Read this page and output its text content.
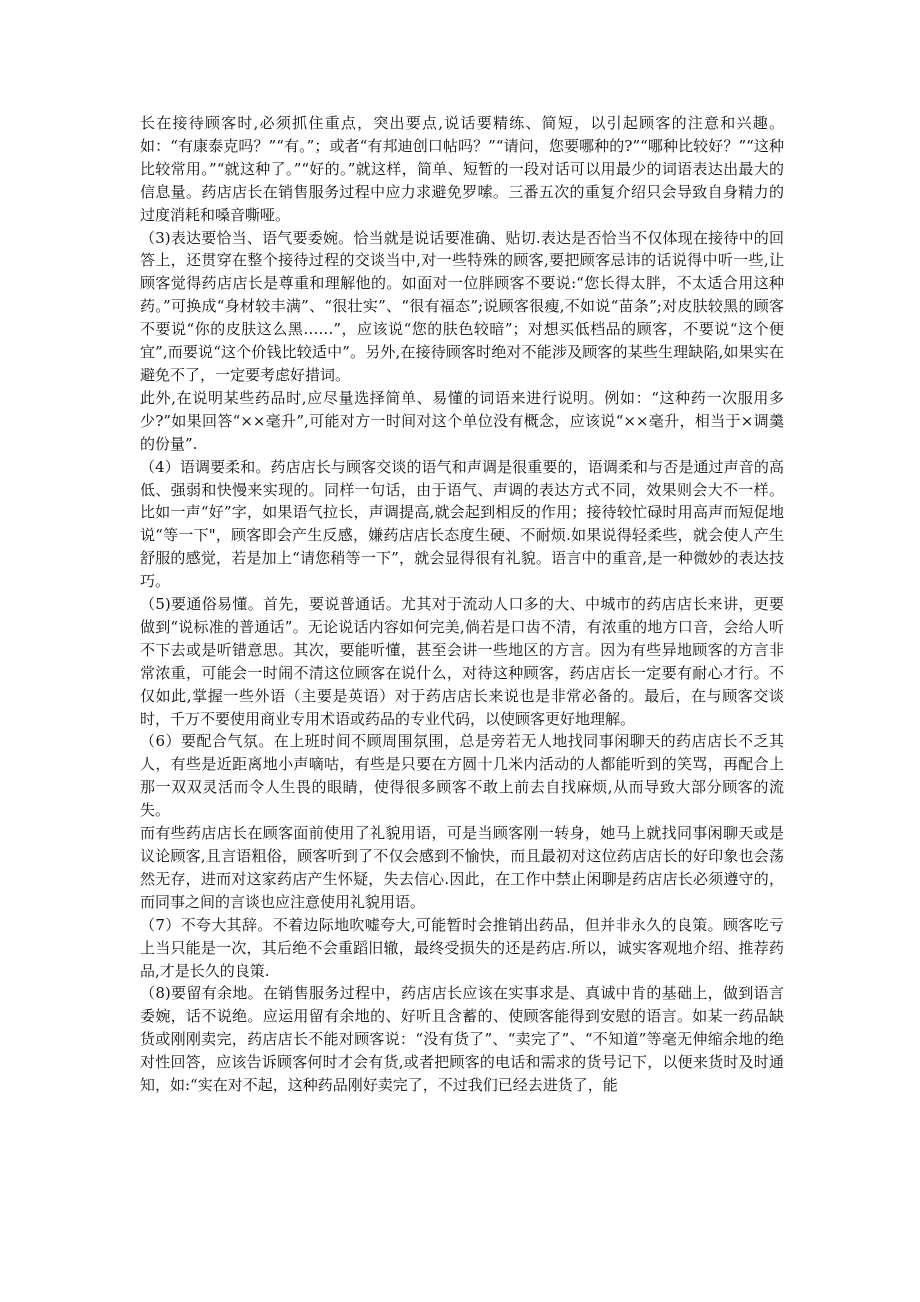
长在接待顾客时,必须抓住重点，突出要点,说话要精练、简短，以引起顾客的注意和兴趣。如：“有康泰克吗？”“有。”；或者“有邦迪创口帖吗？”“请问，您要哪种的?”“哪种比较好？”“这种比较常用。”“就这种了。”“好的。”就这样，简单、短暂的一段对话可以用最少的词语表达出最大的信息量。药店店长在销售服务过程中应力求避免罗嗦。三番五次的重复介绍只会导致自身精力的过度消耗和嗓音嘶哑。

（3)表达要恰当、语气要委婉。恰当就是说话要准确、贴切.表达是否恰当不仅体现在接待中的回答上，还贯穿在整个接待过程的交谈当中,对一些特殊的顾客,要把顾客忌讳的话说得中听一些,让顾客觉得药店店长是尊重和理解他的。如面对一位胖顾客不要说:“您长得太胖，不太适合用这种药。”可换成“身材较丰满”、“很壮实”、“很有福态”;说顾客很瘦,不如说“苗条”;对皮肤较黑的顾客不要说“你的皮肤这么黑……”，应该说“您的肤色较暗”；对想买低档品的顾客，不要说“这个便宜”,而要说“这个价钱比较适中”。另外,在接待顾客时绝对不能涉及顾客的某些生理缺陷,如果实在避免不了，一定要考虑好措词。

此外,在说明某些药品时,应尽量选择简单、易懂的词语来进行说明。例如：“这种药一次服用多少?”如果回答“××毫升”,可能对方一时间对这个单位没有概念，应该说“××毫升，相当于×调羹的份量”.

（4）语调要柔和。药店店长与顾客交谈的语气和声调是很重要的，语调柔和与否是通过声音的高低、强弱和快慢来实现的。同样一句话，由于语气、声调的表达方式不同，效果则会大不一样。比如一声“好”字，如果语气拉长，声调提高,就会起到相反的作用；接待较忙碌时用高声而短促地说“等一下"，顾客即会产生反感，嫌药店店长态度生硬、不耐烦.如果说得轻柔些，就会使人产生舒服的感觉，若是加上“请您稍等一下”，就会显得很有礼貌。语言中的重音,是一种微妙的表达技巧。

（5)要通俗易懂。首先，要说普通话。尤其对于流动人口多的大、中城市的药店店长来讲，更要做到“说标准的普通话”。无论说话内容如何完美,倘若是口齿不清，有浓重的地方口音，会给人听不下去或是听错意思。其次，要能听懂，甚至会讲一些地区的方言。因为有些异地顾客的方言非常浓重，可能会一时闹不清这位顾客在说什么，对待这种顾客，药店店长一定要有耐心才行。不仅如此,掌握一些外语（主要是英语）对于药店店长来说也是非常必备的。最后，在与顾客交谈时，千万不要使用商业专用术语或药品的专业代码，以使顾客更好地理解。

（6）要配合气氛。在上班时间不顾周围氛围，总是旁若无人地找同事闲聊天的药店店长不乏其人，有些是近距离地小声嘀咕，有些是只要在方圆十几米内活动的人都能听到的笑骂，再配合上那一双双灵活而令人生畏的眼睛，使得很多顾客不敢上前去自找麻烦,从而导致大部分顾客的流失。

而有些药店店长在顾客面前使用了礼貌用语，可是当顾客刚一转身，她马上就找同事闲聊天或是议论顾客,且言语粗俗，顾客听到了不仅会感到不愉快，而且最初对这位药店店长的好印象也会荡然无存，进而对这家药店产生怀疑，失去信心.因此，在工作中禁止闲聊是药店店长必须遵守的，而同事之间的言谈也应注意使用礼貌用语。

（7）不夸大其辞。不着边际地吹嘘夸大,可能暂时会推销出药品，但并非永久的良策。顾客吃亏上当只能是一次，其后绝不会重蹈旧辙，最终受损失的还是药店.所以，诚实客观地介绍、推荐药品,才是长久的良策.

（8)要留有余地。在销售服务过程中，药店店长应该在实事求是、真诚中肯的基础上，做到语言委婉，话不说绝。应运用留有余地的、好听且含蓄的、使顾客能得到安慰的语言。如某一药品缺货或刚刚卖完，药店店长不能对顾客说：“没有货了”、“卖完了”、“不知道”等毫无伸缩余地的绝对性回答，应该告诉顾客何时才会有货,或者把顾客的电话和需求的货号记下，以便来货时及时通知，如:“实在对不起，这种药品刚好卖完了，不过我们已经去进货了，能
